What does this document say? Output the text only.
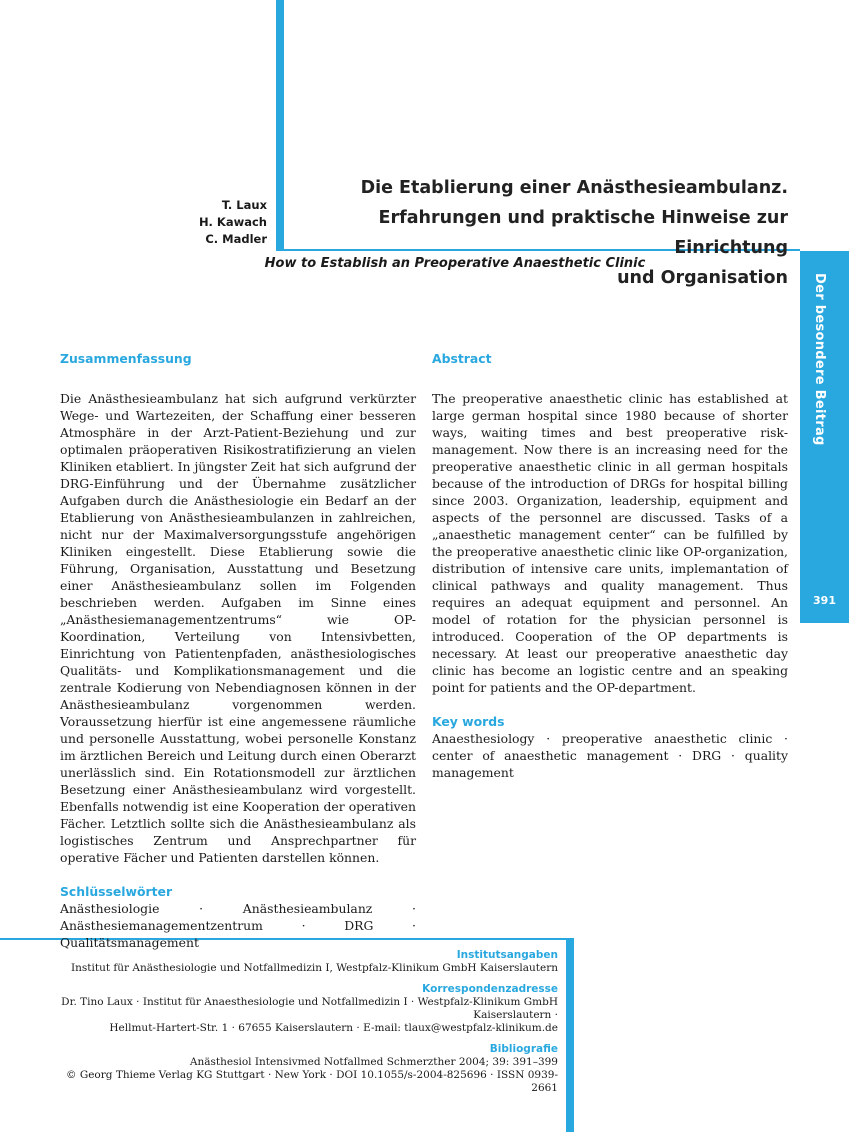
T. Laux
H. Kawach
C. Madler
Die Etablierung einer Anästhesieambulanz.
Erfahrungen und praktische Hinweise zur Einrichtung
und Organisation
How to Establish an Preoperative Anaesthetic Clinic
Der besondere Beitrag
391
Zusammenfassung

Die Anästhesieambulanz hat sich aufgrund verkürzter Wege- und Wartezeiten, der Schaffung einer besseren Atmosphäre in der Arzt-Patient-Beziehung und zur optimalen präoperativen Risikostratifizierung an vielen Kliniken etabliert. In jüngster Zeit hat sich aufgrund der DRG-Einführung und der Übernahme zusätzlicher Aufgaben durch die Anästhesiologie ein Bedarf an der Etablierung von Anästhesieambulanzen in zahlreichen, nicht nur der Maximalversorgungsstufe angehörigen Kliniken eingestellt. Diese Etablierung sowie die Führung, Organisation, Ausstattung und Besetzung einer Anästhesieambulanz sollen im Folgenden beschrieben werden. Aufgaben im Sinne eines „Anästhesiemanagementzentrums“ wie OP-Koordination, Verteilung von Intensivbetten, Einrichtung von Patientenpfaden, anästhesiologisches Qualitäts- und Komplikationsmanagement und die zentrale Kodierung von Nebendiagnosen können in der Anästhesieambulanz vorgenommen werden. Voraussetzung hierfür ist eine angemessene räumliche und personelle Ausstattung, wobei personelle Konstanz im ärztlichen Bereich und Leitung durch einen Oberarzt unerlässlich sind. Ein Rotationsmodell zur ärztlichen Besetzung einer Anästhesieambulanz wird vorgestellt. Ebenfalls notwendig ist eine Kooperation der operativen Fächer. Letztlich sollte sich die Anästhesieambulanz als logistisches Zentrum und Ansprechpartner für operative Fächer und Patienten darstellen können.

Schlüsselwörter

Anästhesiologie · Anästhesieambulanz · Anästhesiemanagementzentrum · DRG · Qualitätsmanagement

Abstract

The preoperative anaesthetic clinic has established at large german hospital since 1980 because of shorter ways, waiting times and best preoperative risk-management. Now there is an increasing need for the preoperative anaesthetic clinic in all german hospitals because of the introduction of DRGs for hospital billing since 2003. Organization, leadership, equipment and aspects of the personnel are discussed. Tasks of a „anaesthetic management center“ can be fulfilled by the preoperative anaesthetic clinic like OP-organization, distribution of intensive care units, implemantation of clinical pathways and quality management. Thus requires an adequat equipment and personnel. An model of rotation for the physician personnel is introduced. Cooperation of the OP departments is necessary. At least our preoperative anaesthetic day clinic has become an logistic centre and an speaking point for patients and the OP-department.

Key words

Anaesthesiology · preoperative anaesthetic clinic · center of anaesthetic management · DRG · quality management

Institutsangaben
Institut für Anästhesiologie und Notfallmedizin I, Westpfalz-Klinikum GmbH Kaiserslautern
Korrespondenzadresse
Dr. Tino Laux · Institut für Anaesthesiologie und Notfallmedizin I · Westpfalz-Klinikum GmbH Kaiserslautern ·
Hellmut-Hartert-Str. 1 · 67655 Kaiserslautern · E-mail: tlaux@westpfalz-klinikum.de
Bibliografie
Anästhesiol Intensivmed Notfallmed Schmerzther 2004; 39: 391–399
© Georg Thieme Verlag KG Stuttgart · New York · DOI 10.1055/s-2004-825696 · ISSN 0939-2661
